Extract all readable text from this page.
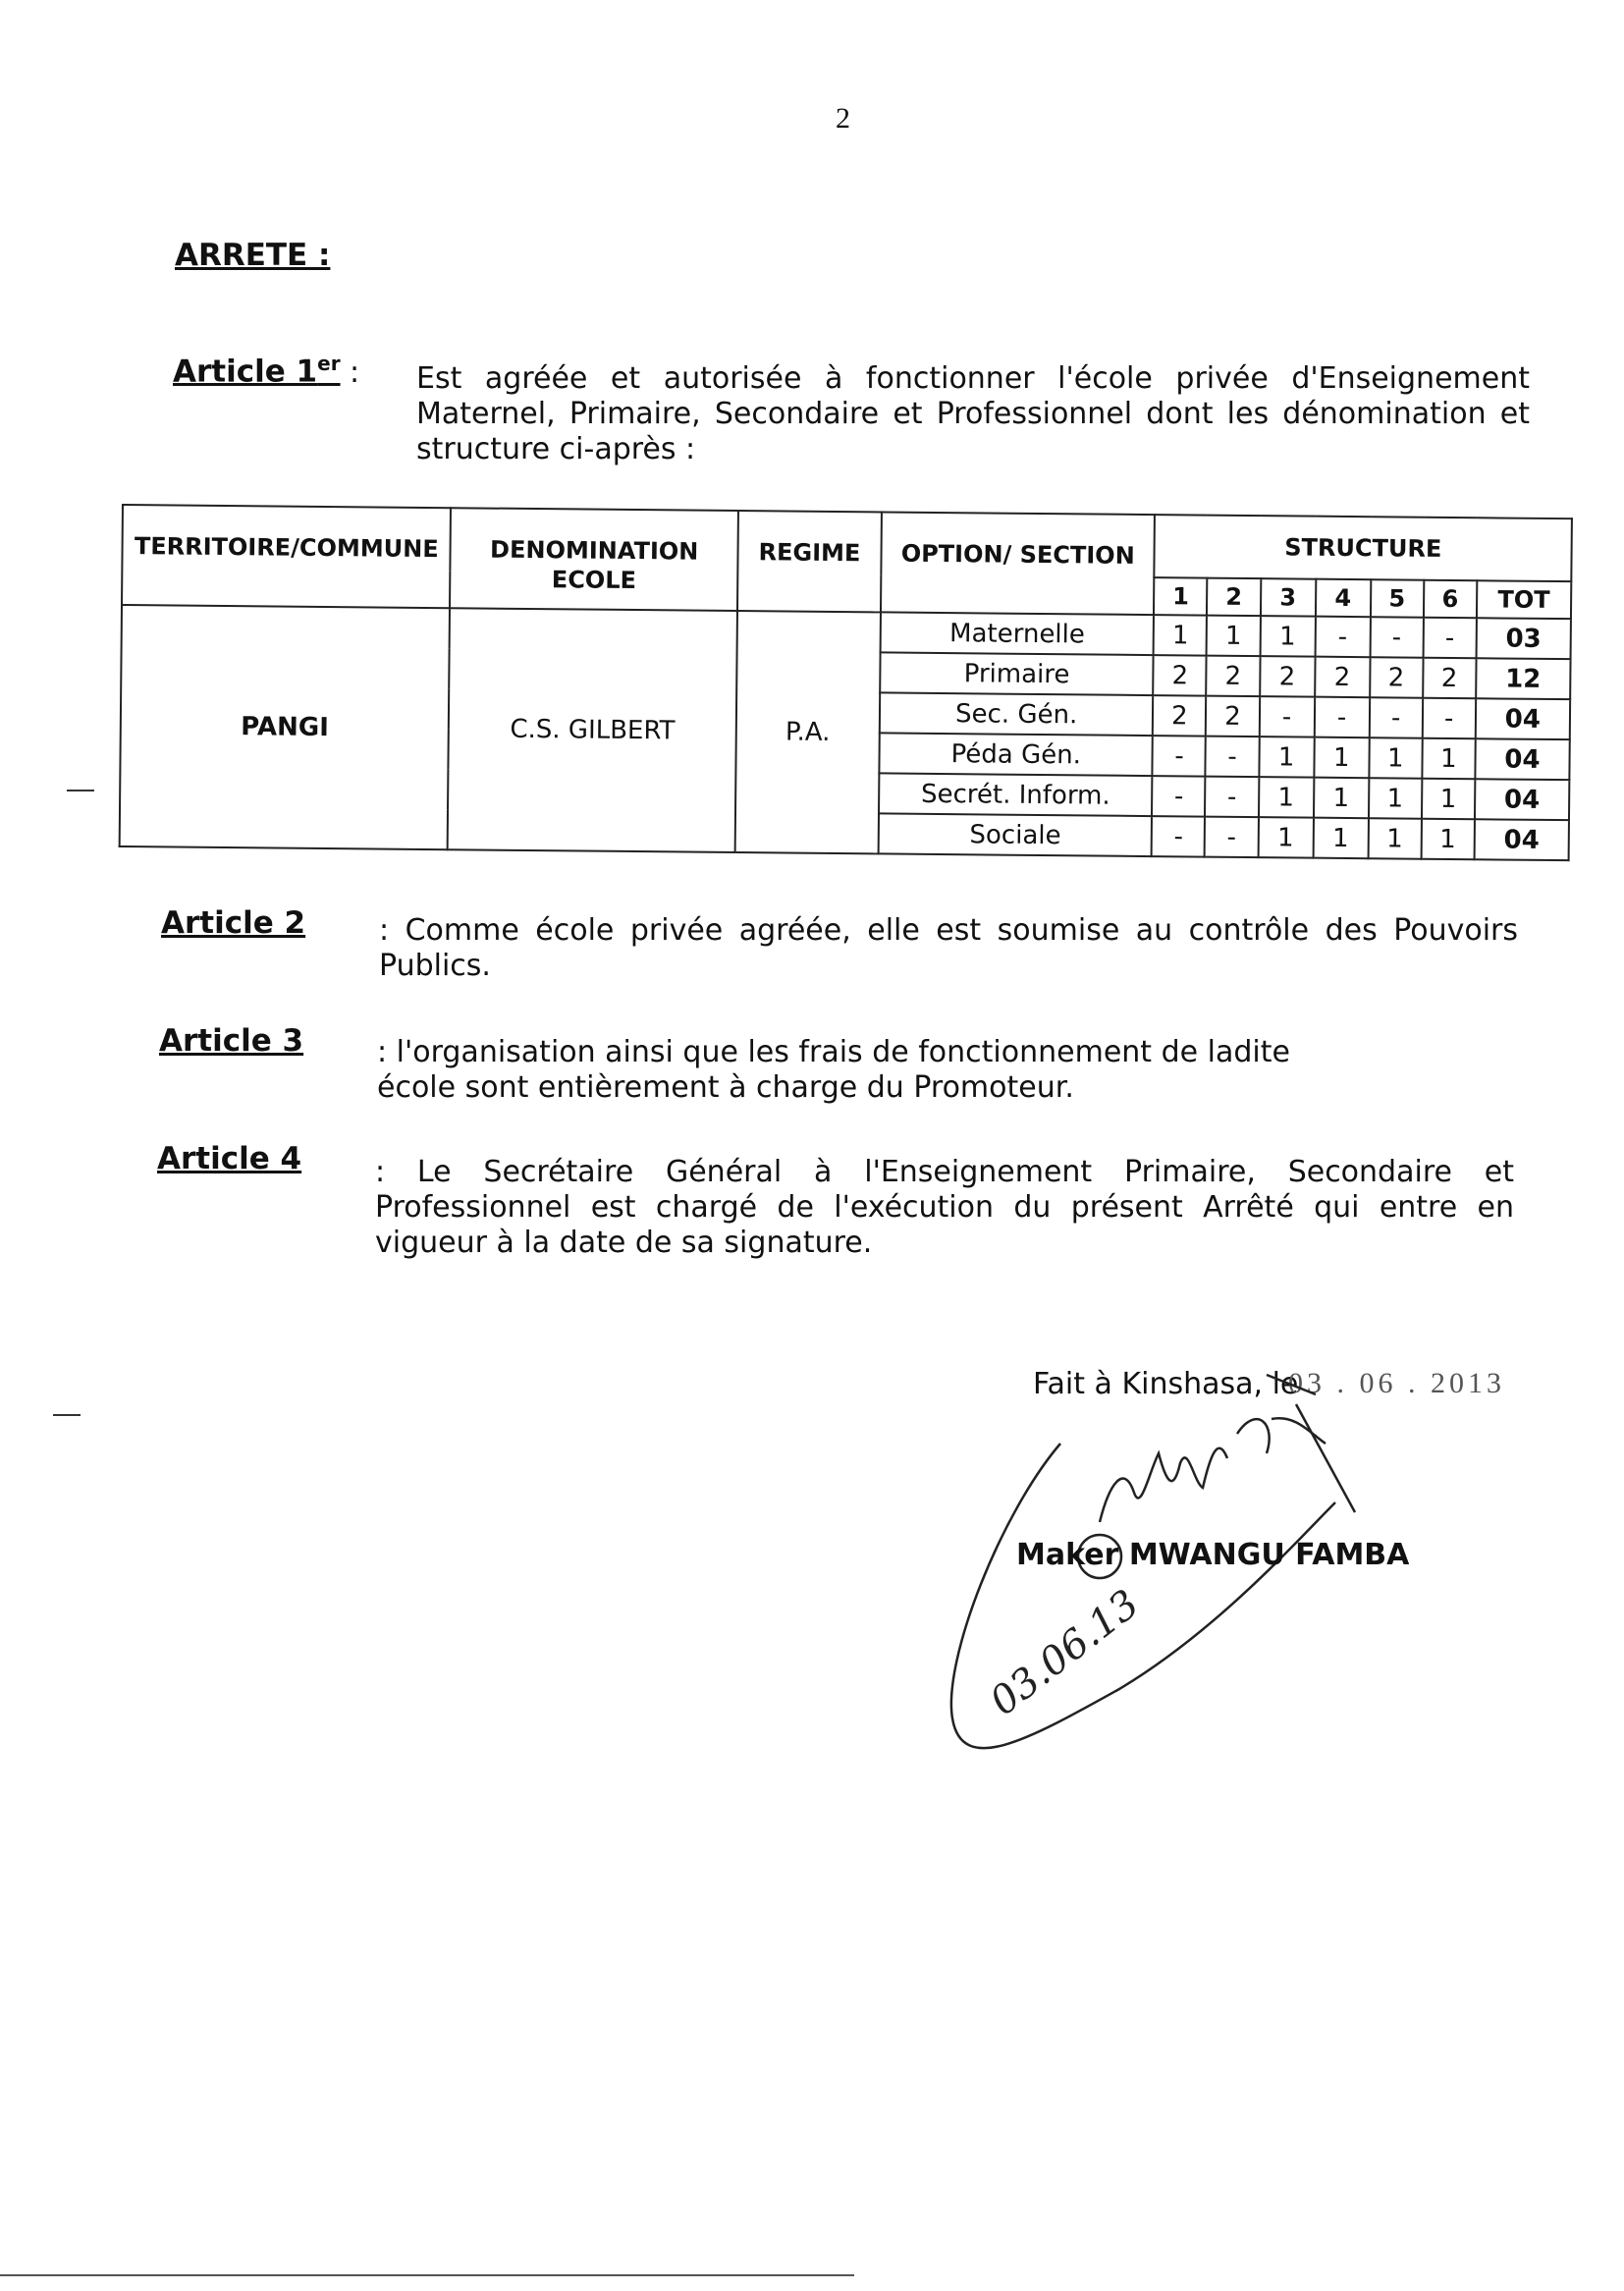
2
ARRETE :
Article 1er : Est agréée et autorisée à fonctionner l'école privée d'Enseignement Maternel, Primaire, Secondaire et Professionnel dont les dénomination et structure ci-après :
TERRITOIRE/COMMUNE	DENOMINATION ECOLE	REGIME	OPTION/ SECTION	STRUCTURE						
				1	2	3	4	5	6	TOT
PANGI	C.S. GILBERT	P.A.	Maternelle	1	1	1	-	-	-	03
			Primaire	2	2	2	2	2	2	12
			Sec. Gén.	2	2	-	-	-	-	04
			Péda Gén.	-	-	1	1	1	1	04
			Secrét. Inform.	-	-	1	1	1	1	04
			Sociale	-	-	1	1	1	1	04
Article 2 : Comme école privée agréée, elle est soumise au contrôle des Pouvoirs Publics.
Article 3 : l'organisation ainsi que les frais de fonctionnement de ladite école sont entièrement à charge du Promoteur.
Article 4 : Le Secrétaire Général à l'Enseignement Primaire, Secondaire et Professionnel est chargé de l'exécution du présent Arrêté qui entre en vigueur à la date de sa signature.
Fait à Kinshasa, le
03 . 06 . 2013
Maker MWANGU FAMBA
03.06.13
